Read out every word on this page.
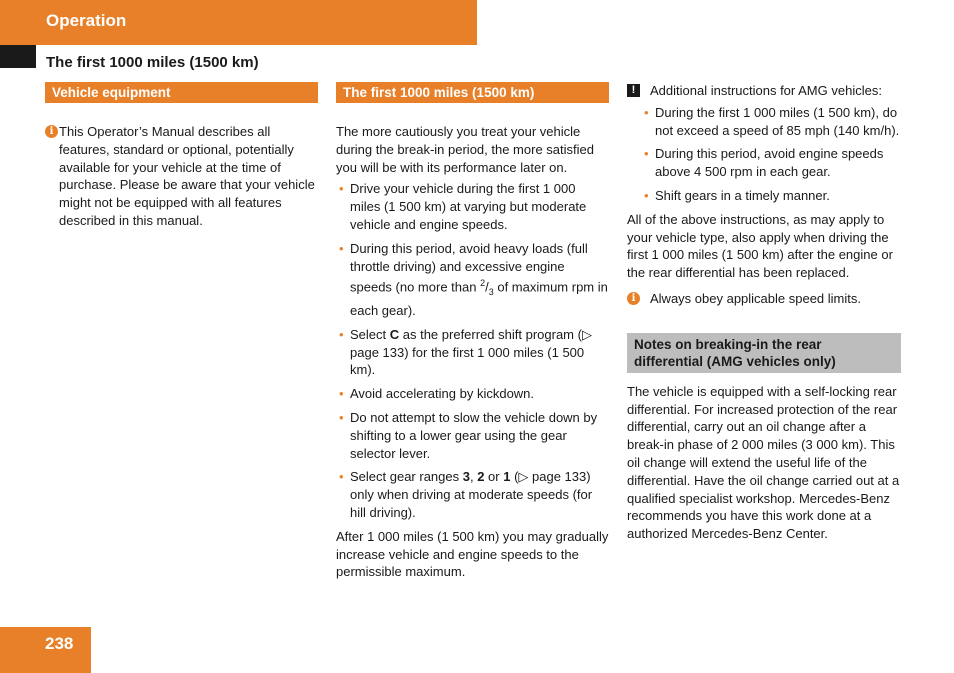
Operation
The first 1000 miles (1500 km)
Vehicle equipment
i This Operator’s Manual describes all features, standard or optional, potentially available for your vehicle at the time of purchase. Please be aware that your vehicle might not be equipped with all features described in this manual.
The first 1000 miles (1500 km)

The more cautiously you treat your vehicle during the break-in period, the more satisfied you will be with its performance later on.

• Drive your vehicle during the first 1 000 miles (1 500 km) at varying but moderate vehicle and engine speeds.
• During this period, avoid heavy loads (full throttle driving) and excessive engine speeds (no more than $^2/_3$ of maximum rpm in each gear).
• Select C as the preferred shift program (▷ page 133) for the first 1 000 miles (1 500 km).
• Avoid accelerating by kickdown.
• Do not attempt to slow the vehicle down by shifting to a lower gear using the gear selector lever.
• Select gear ranges 3, 2 or 1 (▷ page 133) only when driving at moderate speeds (for hill driving).

After 1 000 miles (1 500 km) you may gradually increase vehicle and engine speeds to the permissible maximum.

!	Additional instructions for AMG vehicles:
• During the first 1 000 miles (1 500 km), do not exceed a speed of 85 mph (140 km/h).
• During this period, avoid engine speeds above 4 500 rpm in each gear.
• Shift gears in a timely manner.

All of the above instructions, as may apply to your vehicle type, also apply when driving the first 1 000 miles (1 500 km) after the engine or the rear differential has been replaced.

i	Always obey applicable speed limits.
Notes on breaking-in the rear differential (AMG vehicles only)

The vehicle is equipped with a self-locking rear differential. For increased protection of the rear differential, carry out an oil change after a break-in phase of 2 000 miles (3 000 km). This oil change will extend the useful life of the differential. Have the oil change carried out at a qualified specialist workshop. Mercedes-Benz recommends you have this work done at a authorized Mercedes-Benz Center.

238
